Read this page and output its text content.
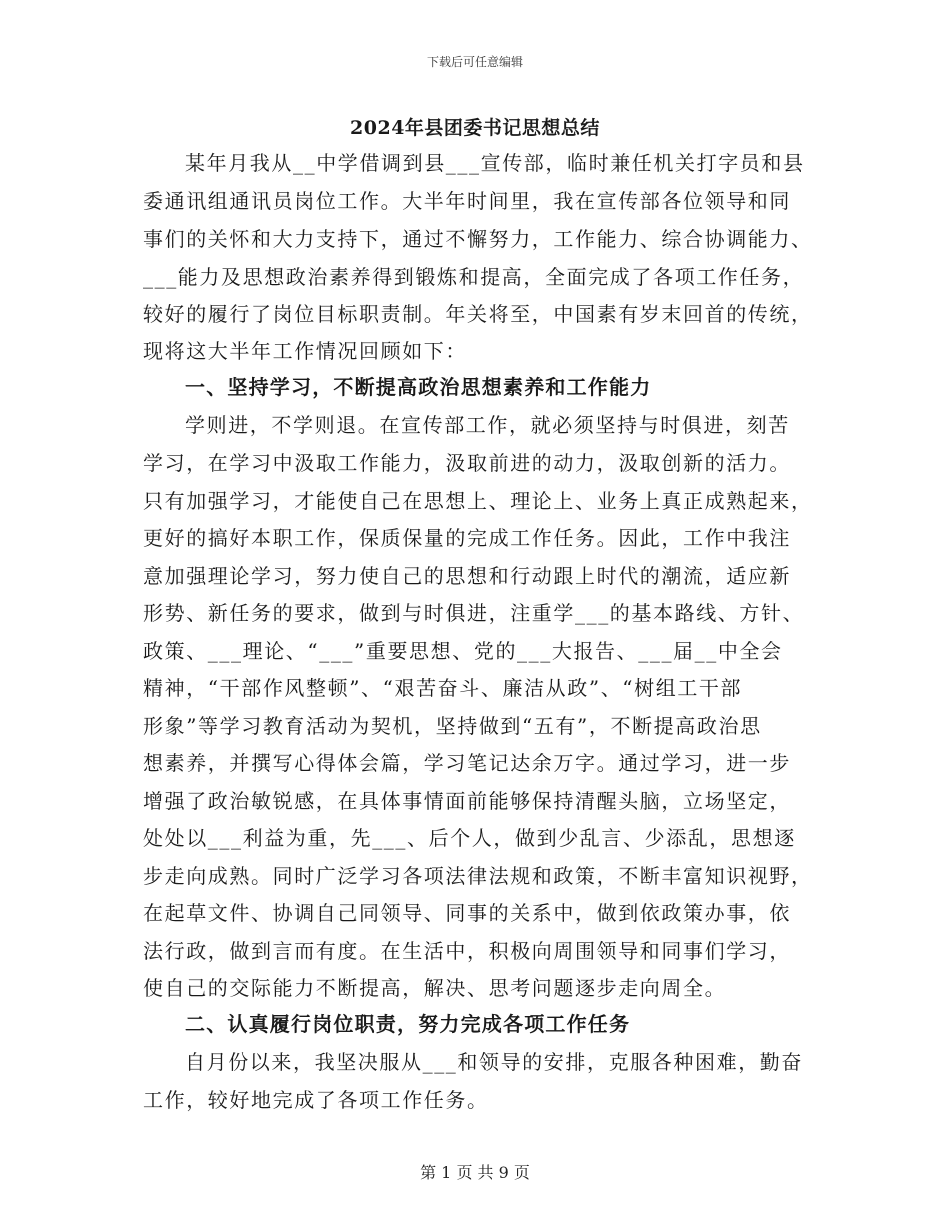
下载后可任意编辑
2024年县团委书记思想总结
某年月我从__中学借调到县___宣传部，临时兼任机关打字员和县
委通讯组通讯员岗位工作。大半年时间里，我在宣传部各位领导和同
事们的关怀和大力支持下，通过不懈努力，工作能力、综合协调能力、
___能力及思想政治素养得到锻炼和提高，全面完成了各项工作任务，
较好的履行了岗位目标职责制。年关将至，中国素有岁末回首的传统，
现将这大半年工作情况回顾如下：
一、坚持学习，不断提高政治思想素养和工作能力
学则进，不学则退。在宣传部工作，就必须坚持与时俱进，刻苦
学习，在学习中汲取工作能力，汲取前进的动力，汲取创新的活力。
只有加强学习，才能使自己在思想上、理论上、业务上真正成熟起来，
更好的搞好本职工作，保质保量的完成工作任务。因此，工作中我注
意加强理论学习，努力使自己的思想和行动跟上时代的潮流，适应新
形势、新任务的要求，做到与时俱进，注重学___的基本路线、方针、
政策、___理论、“___”重要思想、党的___大报告、___届__中全会
精神，“干部作风整顿”、“艰苦奋斗、廉洁从政”、“树组工干部
形象”等学习教育活动为契机，坚持做到“五有”，不断提高政治思
想素养，并撰写心得体会篇，学习笔记达余万字。通过学习，进一步
增强了政治敏锐感，在具体事情面前能够保持清醒头脑，立场坚定，
处处以___利益为重，先___、后个人，做到少乱言、少添乱，思想逐
步走向成熟。同时广泛学习各项法律法规和政策，不断丰富知识视野，
在起草文件、协调自己同领导、同事的关系中，做到依政策办事，依
法行政，做到言而有度。在生活中，积极向周围领导和同事们学习，
使自己的交际能力不断提高，解决、思考问题逐步走向周全。
二、认真履行岗位职责，努力完成各项工作任务
自月份以来，我坚决服从___和领导的安排，克服各种困难，勤奋
工作，较好地完成了各项工作任务。
第 1 页 共 9 页
